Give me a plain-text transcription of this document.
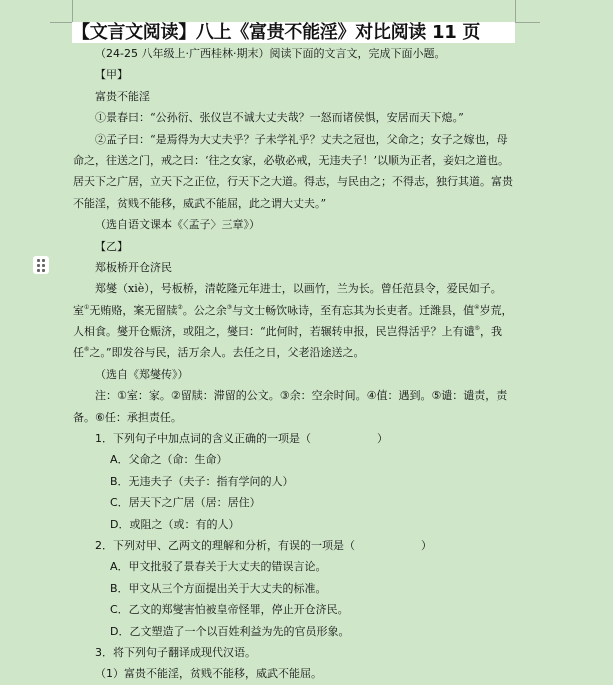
【文言文阅读】八上《富贵不能淫》对比阅读 11 页
（24-25 八年级上·广西桂林·期末）阅读下面的文言文，完成下面小题。
【甲】
富贵不能淫
①景春曰：“公孙衍、张仪岂不诚大丈夫哉？一怒而诸侯惧，安居而天下熄。”
②孟子曰：“是焉得为大丈夫乎？子未学礼乎？丈夫之冠也，父命之；女子之嫁也，母
命之，往送之门，戒之曰：‘往之女家，必敬必戒，无违夫子！’以顺为正者，妾妇之道也。
居天下之广居，立天下之正位，行天下之大道。得志，与民由之；不得志，独行其道。富贵
不能淫，贫贱不能移，威武不能屈，此之谓大丈夫。”
（选自语文课本《〈孟子〉三章》）
【乙】
郑板桥开仓济民
郑燮（xiè），号板桥，清乾隆元年进士，以画竹，兰为长。曾任范县令，爱民如子。
室①无贿赂，案无留牍②。公之余③与文士畅饮咏诗，至有忘其为长吏者。迁潍县，值④岁荒，
人相食。燮开仓赈济，或阻之，燮曰：“此何时，若辗转申报，民岂得活乎？上有谴⑤，我
任⑥之。”即发谷与民，活万余人。去任之日，父老沿途送之。
（选自《郑燮传》）
注：①室：家。②留牍：滞留的公文。③余：空余时间。④值：遇到。⑤谴：谴责，责
备。⑥任：承担责任。
1．下列句子中加点词的含义正确的一项是（　　　　　　）
A．父命之（命：生命）
B．无违夫子（夫子：指有学问的人）
C．居天下之广居（居：居住）
D．或阻之（或：有的人）
2．下列对甲、乙两文的理解和分析，有误的一项是（　　　　　　）
A．甲文批驳了景春关于大丈夫的错误言论。
B．甲文从三个方面提出关于大丈夫的标准。
C．乙文的郑燮害怕被皇帝怪罪，停止开仓济民。
D．乙文塑造了一个以百姓利益为先的官员形象。
3．将下列句子翻译成现代汉语。
（1）富贵不能淫，贫贱不能移，威武不能屈。
